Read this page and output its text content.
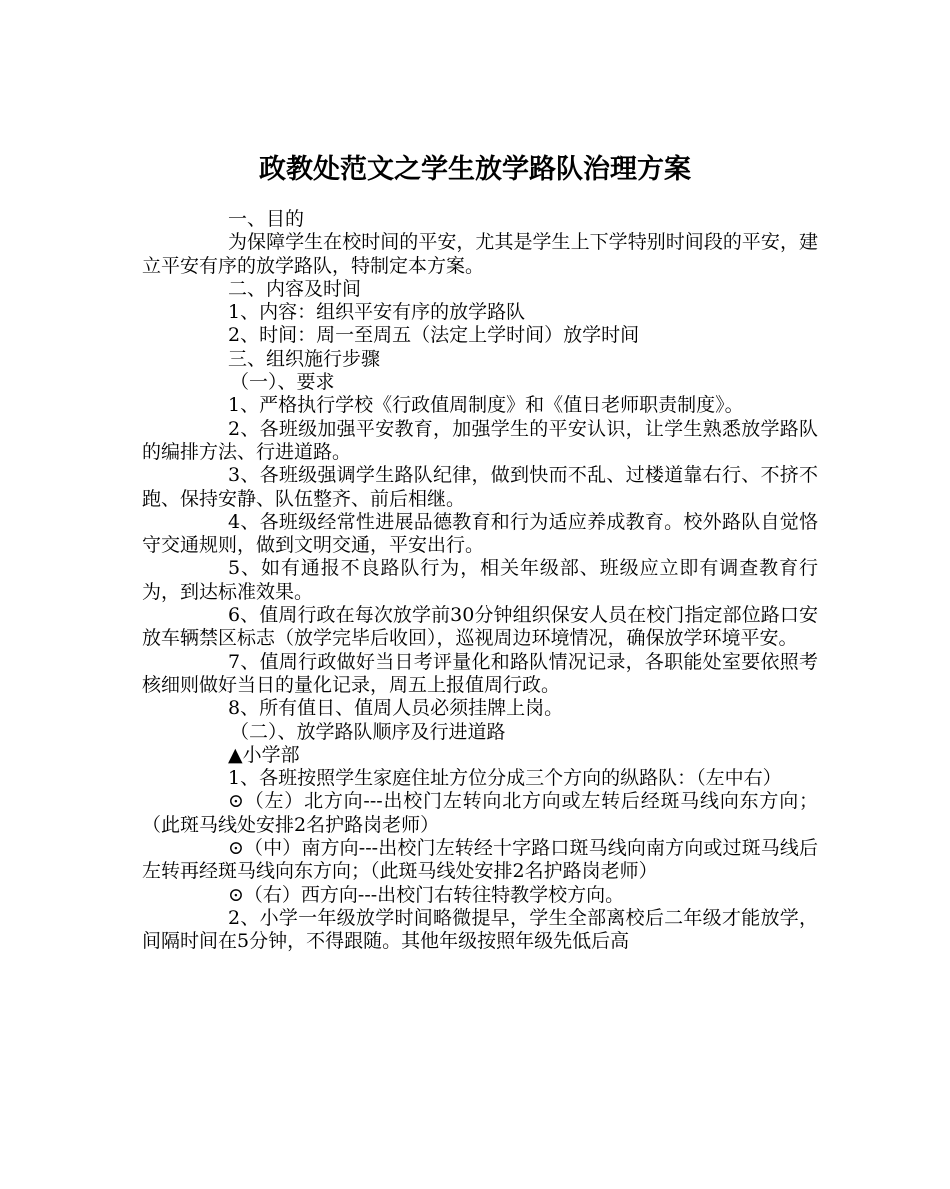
政教处范文之学生放学路队治理方案

一、目的

为保障学生在校时间的平安，尤其是学生上下学特别时间段的平安，建立平安有序的放学路队，特制定本方案。

二、内容及时间

1、内容：组织平安有序的放学路队

2、时间：周一至周五（法定上学时间）放学时间

三、组织施行步骤

（一）、要求

1、严格执行学校《行政值周制度》和《值日老师职责制度》。

2、各班级加强平安教育，加强学生的平安认识，让学生熟悉放学路队的编排方法、行进道路。

3、各班级强调学生路队纪律，做到快而不乱、过楼道靠右行、不挤不跑、保持安静、队伍整齐、前后相继。

4、各班级经常性进展品德教育和行为适应养成教育。校外路队自觉恪守交通规则，做到文明交通，平安出行。

5、如有通报不良路队行为，相关年级部、班级应立即有调查教育行为，到达标准效果。

6、值周行政在每次放学前30分钟组织保安人员在校门指定部位路口安放车辆禁区标志（放学完毕后收回），巡视周边环境情况，确保放学环境平安。

7、值周行政做好当日考评量化和路队情况记录，各职能处室要依照考核细则做好当日的量化记录，周五上报值周行政。

8、所有值日、值周人员必须挂牌上岗。

（二）、放学路队顺序及行进道路

▲小学部

1、各班按照学生家庭住址方位分成三个方向的纵路队：（左中右）

⊙（左）北方向---出校门左转向北方向或左转后经斑马线向东方向；（此斑马线处安排2名护路岗老师）

⊙（中）南方向---出校门左转经十字路口斑马线向南方向或过斑马线后左转再经斑马线向东方向；（此斑马线处安排2名护路岗老师）

⊙（右）西方向---出校门右转往特教学校方向。

2、小学一年级放学时间略微提早，学生全部离校后二年级才能放学，间隔时间在5分钟，不得跟随。其他年级按照年级先低后高
